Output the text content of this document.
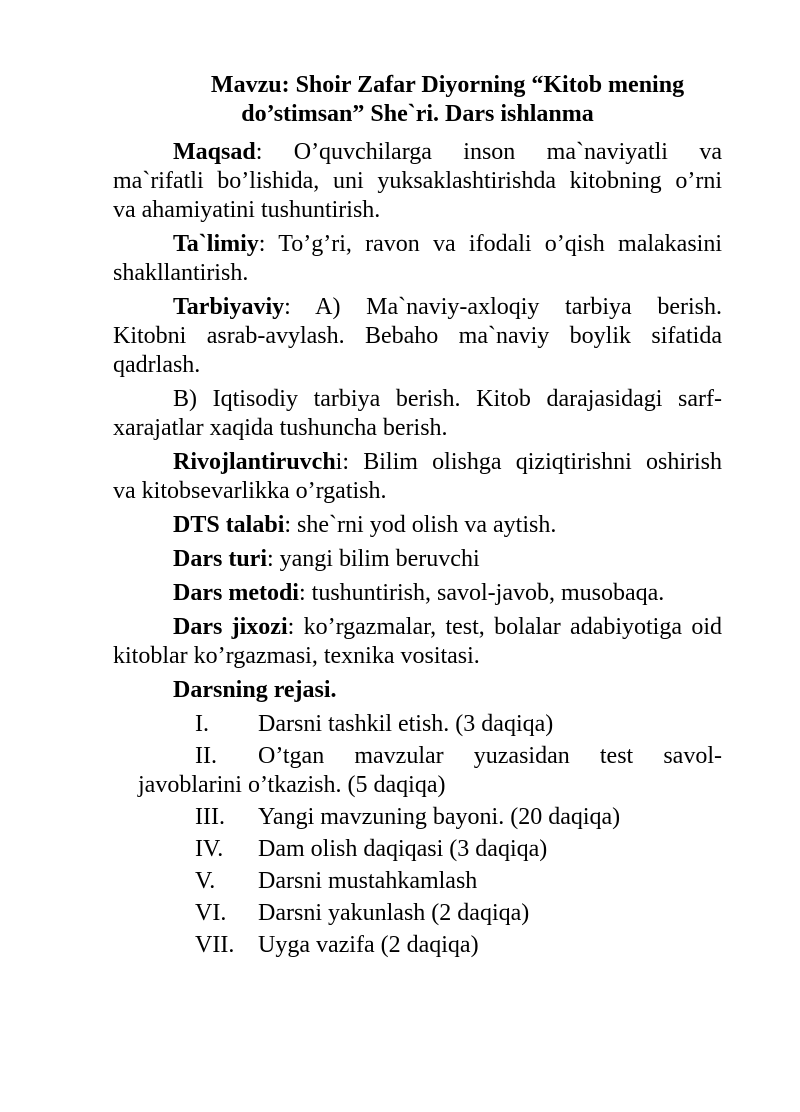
Mavzu: Shoir Zafar Diyorning “Kitob mening
do’stimsan” She`ri. Dars ishlanma
Maqsad: O’quvchilarga inson ma`naviyatli va
ma`rifatli bo’lishida, uni yuksaklashtirishda kitobning o’rni
va ahamiyatini tushuntirish.
Ta`limiy: To’g’ri, ravon va ifodali o’qish malakasini
shakllantirish.
Tarbiyaviy: A) Ma`naviy-axloqiy tarbiya berish.
Kitobni asrab-avylash. Bebaho ma`naviy boylik sifatida
qadrlash.
B) Iqtisodiy tarbiya berish. Kitob darajasidagi sarf-
xarajatlar xaqida tushuncha berish.
Rivojlantiruvchi: Bilim olishga qiziqtirishni oshirish
va kitobsevarlikka o’rgatish.
DTS talabi: she`rni yod olish va aytish.
Dars turi: yangi bilim beruvchi
Dars metodi: tushuntirish, savol-javob, musobaqa.
Dars jixozi: ko’rgazmalar, test, bolalar adabiyotiga oid
kitoblar ko’rgazmasi, texnika vositasi.
Darsning rejasi.
I. Darsni tashkil etish. (3 daqiqa)
II. O’tgan mavzular yuzasidan test savol-
javoblarini o’tkazish. (5 daqiqa)
III. Yangi mavzuning bayoni. (20 daqiqa)
IV. Dam olish daqiqasi (3 daqiqa)
V. Darsni mustahkamlash
VI. Darsni yakunlash (2 daqiqa)
VII. Uyga vazifa (2 daqiqa)
